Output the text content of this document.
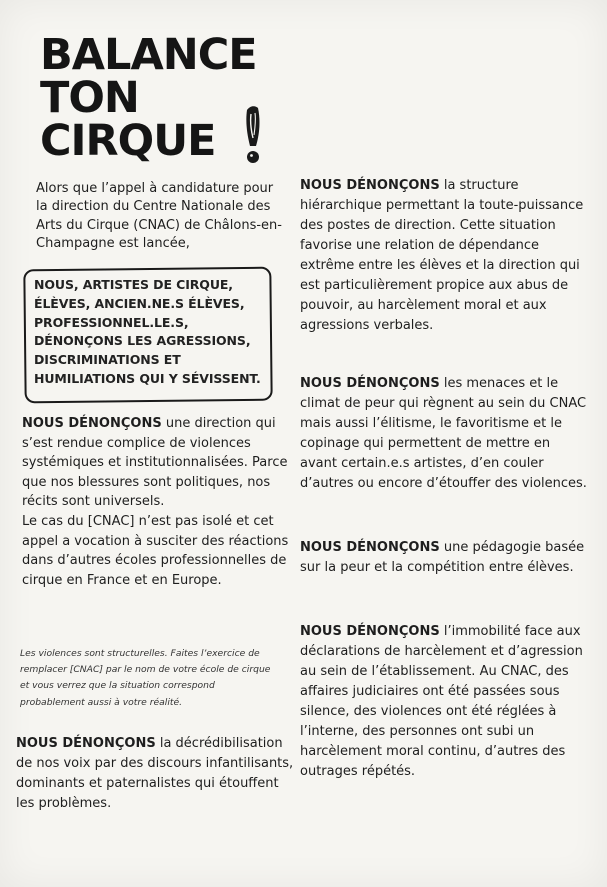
BALANCE
TON
CIRQUE
Alors que l’appel à candidature pour la direction du Centre Nationale des Arts du Cirque (CNAC) de Châlons-en-Champagne est lancée,
NOUS, ARTISTES DE CIRQUE, ÉLÈVES, ANCIEN.NE.S ÉLÈVES, PROFESSIONNEL.LE.S, DÉNONÇONS LES AGRESSIONS, DISCRIMINATIONS ET HUMILIATIONS QUI Y SÉVISSENT.

NOUS DÉNONÇONS une direction qui s’est rendue complice de violences systémiques et institutionnalisées. Parce que nos blessures sont politiques, nos récits sont universels.

Le cas du [CNAC] n’est pas isolé et cet appel a vocation à susciter des réactions dans d’autres écoles professionnelles de cirque en France et en Europe.

Les violences sont structurelles. Faites l’exercice de remplacer [CNAC] par le nom de votre école de cirque et vous verrez que la situation correspond probablement aussi à votre réalité.
NOUS DÉNONÇONS la décrédibilisation de nos voix par des discours infantilisants, dominants et paternalistes qui étouffent les problèmes.
NOUS DÉNONÇONS la structure hiérarchique permettant la toute-puissance des postes de direction. Cette situation favorise une relation de dépendance extrême entre les élèves et la direction qui est particulièrement propice aux abus de pouvoir, au harcèlement moral et aux agressions verbales.
NOUS DÉNONÇONS les menaces et le climat de peur qui règnent au sein du CNAC mais aussi l’élitisme, le favoritisme et le copinage qui permettent de mettre en avant certain.e.s artistes, d’en couler d’autres ou encore d’étouffer des violences.
NOUS DÉNONÇONS une pédagogie basée sur la peur et la compétition entre élèves.
NOUS DÉNONÇONS l’immobilité face aux déclarations de harcèlement et d’agression au sein de l’établissement. Au CNAC, des affaires judiciaires ont été passées sous silence, des violences ont été réglées à l’interne, des personnes ont subi un harcèlement moral continu, d’autres des outrages répétés.
